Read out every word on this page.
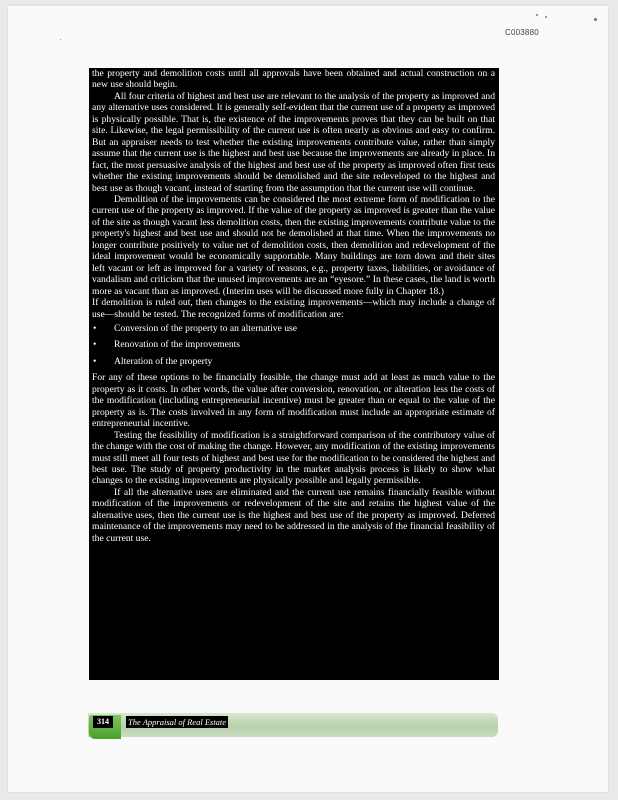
C003880

the property and demolition costs until all approvals have been obtained and actual construction on a new use should begin.

All four criteria of highest and best use are relevant to the analysis of the property as improved and any alternative uses considered. It is generally self-evident that the current use of a property as improved is physically possible. That is, the existence of the improvements proves that they can be built on that site. Likewise, the legal permissibility of the current use is often nearly as obvious and easy to confirm. But an appraiser needs to test whether the existing improvements contribute value, rather than simply assume that the current use is the highest and best use because the improvements are already in place. In fact, the most persuasive analysis of the highest and best use of the property as improved often first tests whether the existing improvements should be demolished and the site redeveloped to the highest and best use as though vacant, instead of starting from the assumption that the current use will continue.

Demolition of the improvements can be considered the most extreme form of modification to the current use of the property as improved. If the value of the property as improved is greater than the value of the site as though vacant less demolition costs, then the existing improvements contribute value to the property's highest and best use and should not be demolished at that time. When the improvements no longer contribute positively to value net of demolition costs, then demolition and redevelopment of the ideal improvement would be economically supportable. Many buildings are torn down and their sites left vacant or left as improved for a variety of reasons, e.g., property taxes, liabilities, or avoidance of vandalism and criticism that the unused improvements are an “eyesore.” In these cases, the land is worth more as vacant than as improved. (Interim uses will be discussed more fully in Chapter 18.)

If demolition is ruled out, then changes to the existing improvements—which may include a change of use—should be tested. The recognized forms of modification are:

• Conversion of the property to an alternative use
• Renovation of the improvements
• Alteration of the property

For any of these options to be financially feasible, the change must add at least as much value to the property as it costs. In other words, the value after conversion, renovation, or alteration less the costs of the modification (including entrepreneurial incentive) must be greater than or equal to the value of the property as is. The costs involved in any form of modification must include an appropriate estimate of entrepreneurial incentive.

Testing the feasibility of modification is a straightforward comparison of the contributory value of the change with the cost of making the change. However, any modification of the existing improvements must still meet all four tests of highest and best use for the modification to be considered the highest and best use. The study of property productivity in the market analysis process is likely to show what changes to the existing improvements are physically possible and legally permissible.

If all the alternative uses are eliminated and the current use remains financially feasible without modification of the improvements or redevelopment of the site and retains the highest value of the alternative uses, then the current use is the highest and best use of the property as improved. Deferred maintenance of the improvements may need to be addressed in the analysis of the financial feasibility of the current use.

314	The Appraisal of Real Estate
